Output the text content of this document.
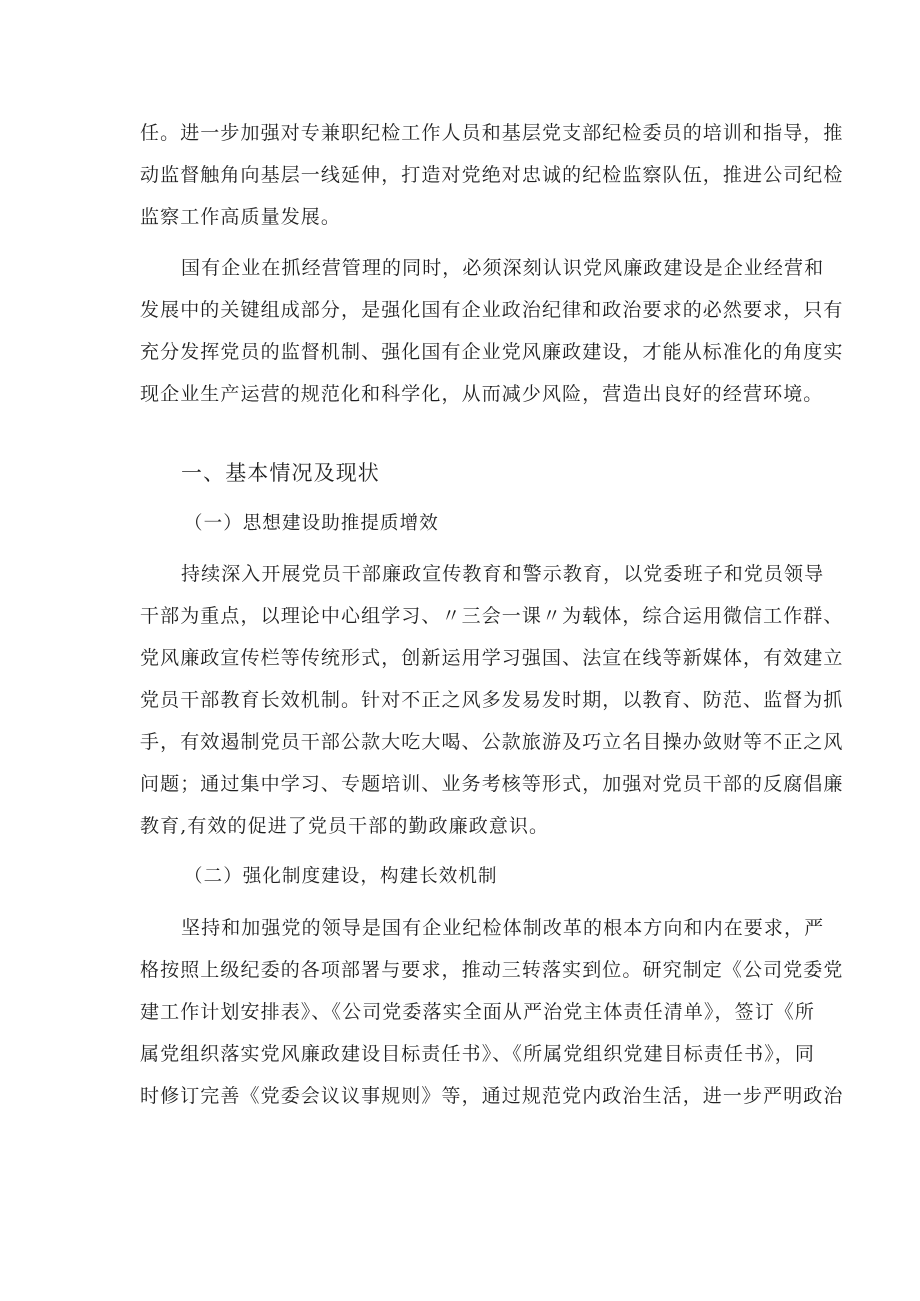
任。进一步加强对专兼职纪检工作人员和基层党支部纪检委员的培训和指导，推
动监督触角向基层一线延伸，打造对党绝对忠诚的纪检监察队伍，推进公司纪检
监察工作高质量发展。
国有企业在抓经营管理的同时，必须深刻认识党风廉政建设是企业经营和
发展中的关键组成部分，是强化国有企业政治纪律和政治要求的必然要求，只有
充分发挥党员的监督机制、强化国有企业党风廉政建设，才能从标准化的角度实
现企业生产运营的规范化和科学化，从而减少风险，营造出良好的经营环境。
一、基本情况及现状
（一）思想建设助推提质增效
持续深入开展党员干部廉政宣传教育和警示教育，以党委班子和党员领导
干部为重点，以理论中心组学习、〃三会一课〃为载体，综合运用微信工作群、
党风廉政宣传栏等传统形式，创新运用学习强国、法宣在线等新媒体，有效建立
党员干部教育长效机制。针对不正之风多发易发时期，以教育、防范、监督为抓
手，有效遏制党员干部公款大吃大喝、公款旅游及巧立名目操办敛财等不正之风
问题；通过集中学习、专题培训、业务考核等形式，加强对党员干部的反腐倡廉
教育,有效的促进了党员干部的勤政廉政意识。
（二）强化制度建设，构建长效机制
坚持和加强党的领导是国有企业纪检体制改革的根本方向和内在要求，严
格按照上级纪委的各项部署与要求，推动三转落实到位。研究制定《公司党委党
建工作计划安排表》、《公司党委落实全面从严治党主体责任清单》，签订《所
属党组织落实党风廉政建设目标责任书》、《所属党组织党建目标责任书》，同
时修订完善《党委会议议事规则》等，通过规范党内政治生活，进一步严明政治
